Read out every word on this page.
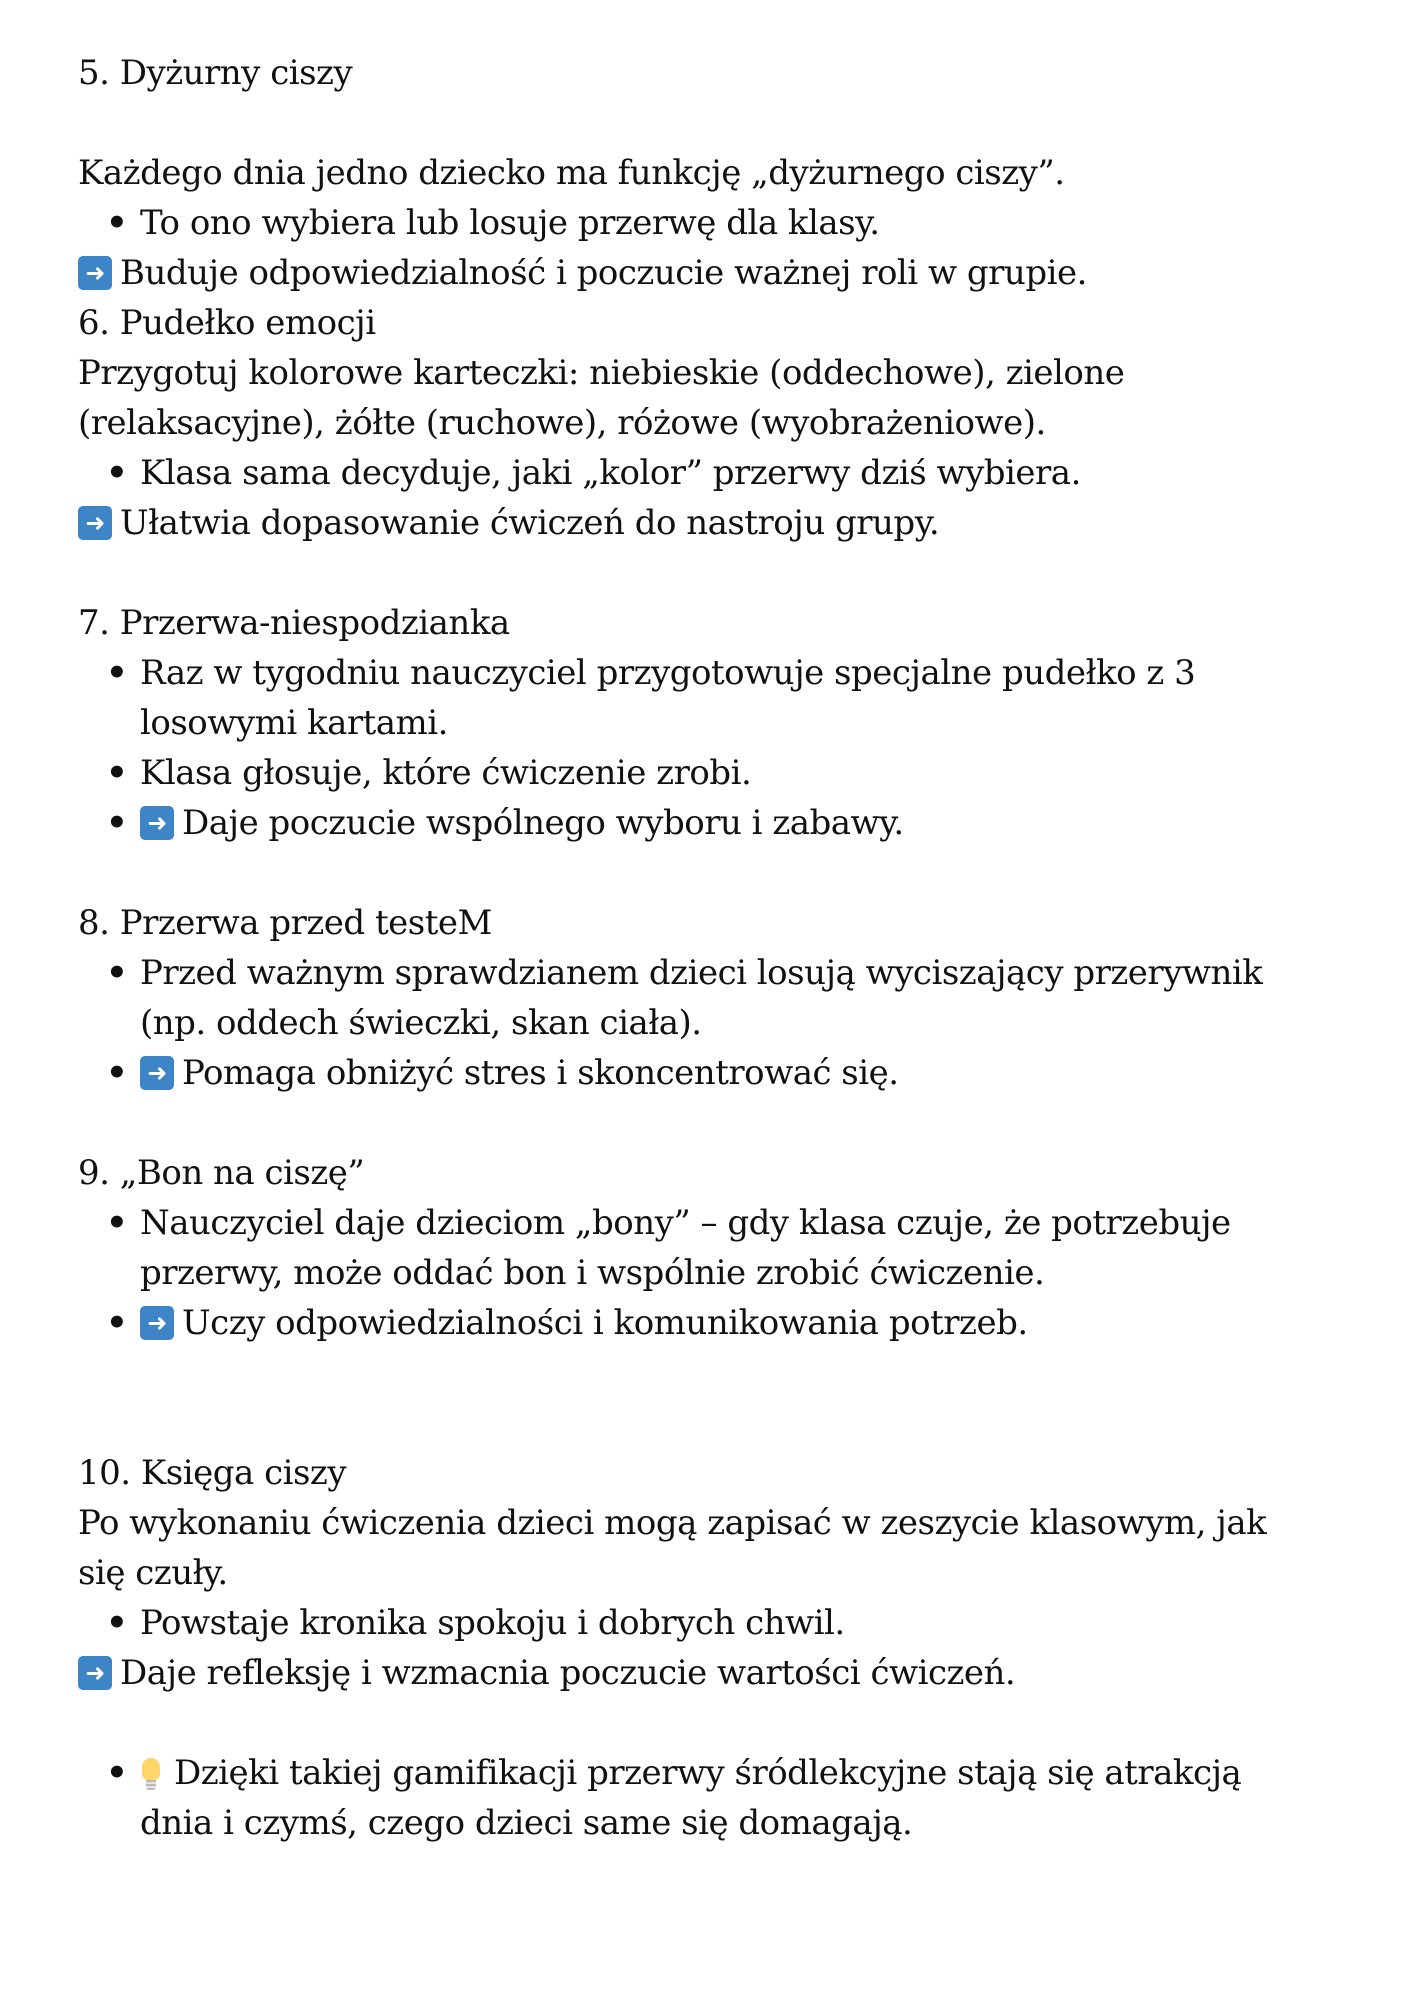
5. Dyżurny ciszy
Każdego dnia jedno dziecko ma funkcję „dyżurnego ciszy”.
• To ono wybiera lub losuje przerwę dla klasy.
➜ Buduje odpowiedzialność i poczucie ważnej roli w grupie.
6. Pudełko emocji
Przygotuj kolorowe karteczki: niebieskie (oddechowe), zielone (relaksacyjne), żółte (ruchowe), różowe (wyobrażeniowe).
• Klasa sama decyduje, jaki „kolor” przerwy dziś wybiera.
➜ Ułatwia dopasowanie ćwiczeń do nastroju grupy.
7. Przerwa-niespodzianka
• Raz w tygodniu nauczyciel przygotowuje specjalne pudełko z 3 losowymi kartami.
• Klasa głosuje, które ćwiczenie zrobi.
• ➜ Daje poczucie wspólnego wyboru i zabawy.
8. Przerwa przed testeM
• Przed ważnym sprawdzianem dzieci losują wyciszający przerywnik (np. oddech świeczki, skan ciała).
• ➜ Pomaga obniżyć stres i skoncentrować się.
9. „Bon na ciszę”
• Nauczyciel daje dzieciom „bony” – gdy klasa czuje, że potrzebuje przerwy, może oddać bon i wspólnie zrobić ćwiczenie.
• ➜ Uczy odpowiedzialności i komunikowania potrzeb.
10. Księga ciszy
Po wykonaniu ćwiczenia dzieci mogą zapisać w zeszycie klasowym, jak się czuły.
• Powstaje kronika spokoju i dobrych chwil.
➜ Daje refleksję i wzmacnia poczucie wartości ćwiczeń.
•	Dzięki takiej gamifikacji przerwy śródlekcyjne stają się atrakcją dnia i czymś, czego dzieci same się domagają.
